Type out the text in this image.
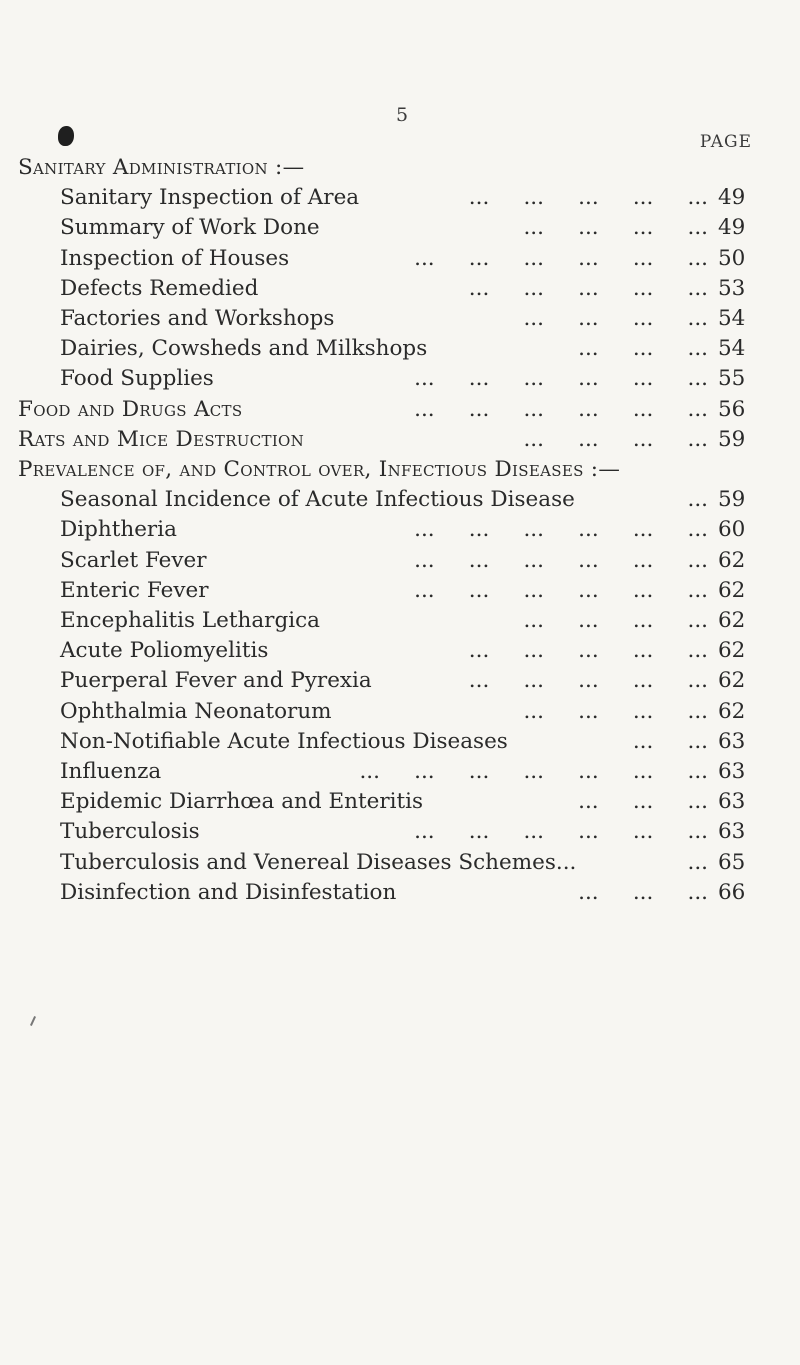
5
PAGE
Sanitary Administration :—
Sanitary Inspection of Area	...     ...     ...     ...     ... 49
Summary of Work Done	...     ...     ...     ... 49
Inspection of Houses	...     ...     ...     ...     ...     ... 50
Defects Remedied	...     ...     ...     ...     ... 53
Factories and Workshops	...     ...     ...     ... 54
Dairies, Cowsheds and Milkshops	...     ...     ... 54
Food Supplies	...     ...     ...     ...     ...     ... 55
Food and Drugs Acts	...     ...     ...     ...     ...     ... 56
Rats and Mice Destruction	...     ...     ...     ... 59
Prevalence of, and Control over, Infectious Diseases :—
Seasonal Incidence of Acute Infectious Disease	... 59
Diphtheria	...     ...     ...     ...     ...     ... 60
Scarlet Fever	...     ...     ...     ...     ...     ... 62
Enteric Fever	...     ...     ...     ...     ...     ... 62
Encephalitis Lethargica	...     ...     ...     ... 62
Acute Poliomyelitis	...     ...     ...     ...     ... 62
Puerperal Fever and Pyrexia	...     ...     ...     ...     ... 62
Ophthalmia Neonatorum	...     ...     ...     ... 62
Non-Notifiable Acute Infectious Diseases	...     ... 63
Influenza	...     ...     ...     ...     ...     ...     ... 63
Epidemic Diarrhœa and Enteritis	...     ...     ... 63
Tuberculosis	...     ...     ...     ...     ...     ... 63
Tuberculosis and Venereal Diseases Schemes...	... 65
Disinfection and Disinfestation	...     ...     ... 66
